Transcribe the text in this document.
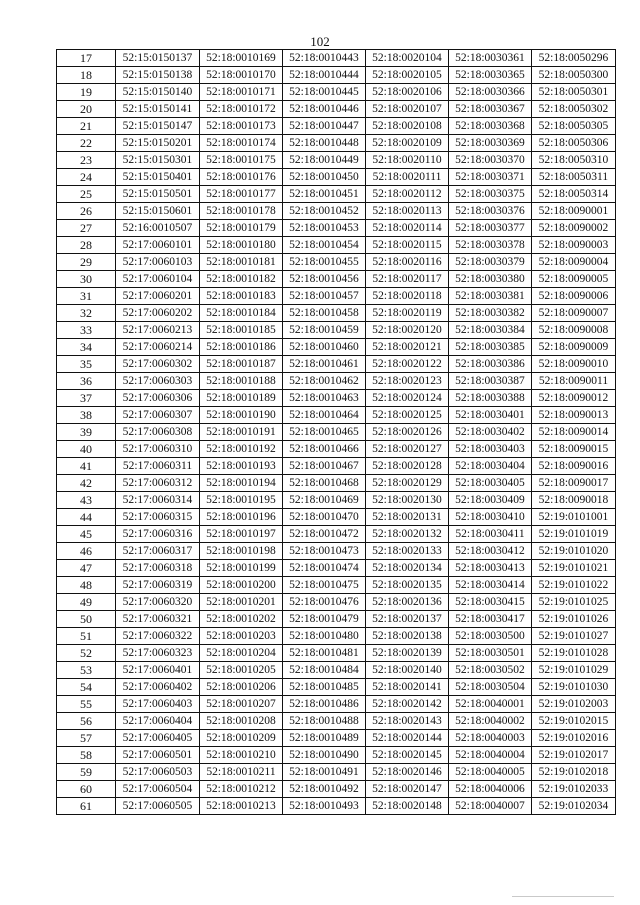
102
17	52:15:0150137	52:18:0010169	52:18:0010443	52:18:0020104	52:18:0030361	52:18:0050296
18	52:15:0150138	52:18:0010170	52:18:0010444	52:18:0020105	52:18:0030365	52:18:0050300
19	52:15:0150140	52:18:0010171	52:18:0010445	52:18:0020106	52:18:0030366	52:18:0050301
20	52:15:0150141	52:18:0010172	52:18:0010446	52:18:0020107	52:18:0030367	52:18:0050302
21	52:15:0150147	52:18:0010173	52:18:0010447	52:18:0020108	52:18:0030368	52:18:0050305
22	52:15:0150201	52:18:0010174	52:18:0010448	52:18:0020109	52:18:0030369	52:18:0050306
23	52:15:0150301	52:18:0010175	52:18:0010449	52:18:0020110	52:18:0030370	52:18:0050310
24	52:15:0150401	52:18:0010176	52:18:0010450	52:18:0020111	52:18:0030371	52:18:0050311
25	52:15:0150501	52:18:0010177	52:18:0010451	52:18:0020112	52:18:0030375	52:18:0050314
26	52:15:0150601	52:18:0010178	52:18:0010452	52:18:0020113	52:18:0030376	52:18:0090001
27	52:16:0010507	52:18:0010179	52:18:0010453	52:18:0020114	52:18:0030377	52:18:0090002
28	52:17:0060101	52:18:0010180	52:18:0010454	52:18:0020115	52:18:0030378	52:18:0090003
29	52:17:0060103	52:18:0010181	52:18:0010455	52:18:0020116	52:18:0030379	52:18:0090004
30	52:17:0060104	52:18:0010182	52:18:0010456	52:18:0020117	52:18:0030380	52:18:0090005
31	52:17:0060201	52:18:0010183	52:18:0010457	52:18:0020118	52:18:0030381	52:18:0090006
32	52:17:0060202	52:18:0010184	52:18:0010458	52:18:0020119	52:18:0030382	52:18:0090007
33	52:17:0060213	52:18:0010185	52:18:0010459	52:18:0020120	52:18:0030384	52:18:0090008
34	52:17:0060214	52:18:0010186	52:18:0010460	52:18:0020121	52:18:0030385	52:18:0090009
35	52:17:0060302	52:18:0010187	52:18:0010461	52:18:0020122	52:18:0030386	52:18:0090010
36	52:17:0060303	52:18:0010188	52:18:0010462	52:18:0020123	52:18:0030387	52:18:0090011
37	52:17:0060306	52:18:0010189	52:18:0010463	52:18:0020124	52:18:0030388	52:18:0090012
38	52:17:0060307	52:18:0010190	52:18:0010464	52:18:0020125	52:18:0030401	52:18:0090013
39	52:17:0060308	52:18:0010191	52:18:0010465	52:18:0020126	52:18:0030402	52:18:0090014
40	52:17:0060310	52:18:0010192	52:18:0010466	52:18:0020127	52:18:0030403	52:18:0090015
41	52:17:0060311	52:18:0010193	52:18:0010467	52:18:0020128	52:18:0030404	52:18:0090016
42	52:17:0060312	52:18:0010194	52:18:0010468	52:18:0020129	52:18:0030405	52:18:0090017
43	52:17:0060314	52:18:0010195	52:18:0010469	52:18:0020130	52:18:0030409	52:18:0090018
44	52:17:0060315	52:18:0010196	52:18:0010470	52:18:0020131	52:18:0030410	52:19:0101001
45	52:17:0060316	52:18:0010197	52:18:0010472	52:18:0020132	52:18:0030411	52:19:0101019
46	52:17:0060317	52:18:0010198	52:18:0010473	52:18:0020133	52:18:0030412	52:19:0101020
47	52:17:0060318	52:18:0010199	52:18:0010474	52:18:0020134	52:18:0030413	52:19:0101021
48	52:17:0060319	52:18:0010200	52:18:0010475	52:18:0020135	52:18:0030414	52:19:0101022
49	52:17:0060320	52:18:0010201	52:18:0010476	52:18:0020136	52:18:0030415	52:19:0101025
50	52:17:0060321	52:18:0010202	52:18:0010479	52:18:0020137	52:18:0030417	52:19:0101026
51	52:17:0060322	52:18:0010203	52:18:0010480	52:18:0020138	52:18:0030500	52:19:0101027
52	52:17:0060323	52:18:0010204	52:18:0010481	52:18:0020139	52:18:0030501	52:19:0101028
53	52:17:0060401	52:18:0010205	52:18:0010484	52:18:0020140	52:18:0030502	52:19:0101029
54	52:17:0060402	52:18:0010206	52:18:0010485	52:18:0020141	52:18:0030504	52:19:0101030
55	52:17:0060403	52:18:0010207	52:18:0010486	52:18:0020142	52:18:0040001	52:19:0102003
56	52:17:0060404	52:18:0010208	52:18:0010488	52:18:0020143	52:18:0040002	52:19:0102015
57	52:17:0060405	52:18:0010209	52:18:0010489	52:18:0020144	52:18:0040003	52:19:0102016
58	52:17:0060501	52:18:0010210	52:18:0010490	52:18:0020145	52:18:0040004	52:19:0102017
59	52:17:0060503	52:18:0010211	52:18:0010491	52:18:0020146	52:18:0040005	52:19:0102018
60	52:17:0060504	52:18:0010212	52:18:0010492	52:18:0020147	52:18:0040006	52:19:0102033
61	52:17:0060505	52:18:0010213	52:18:0010493	52:18:0020148	52:18:0040007	52:19:0102034
